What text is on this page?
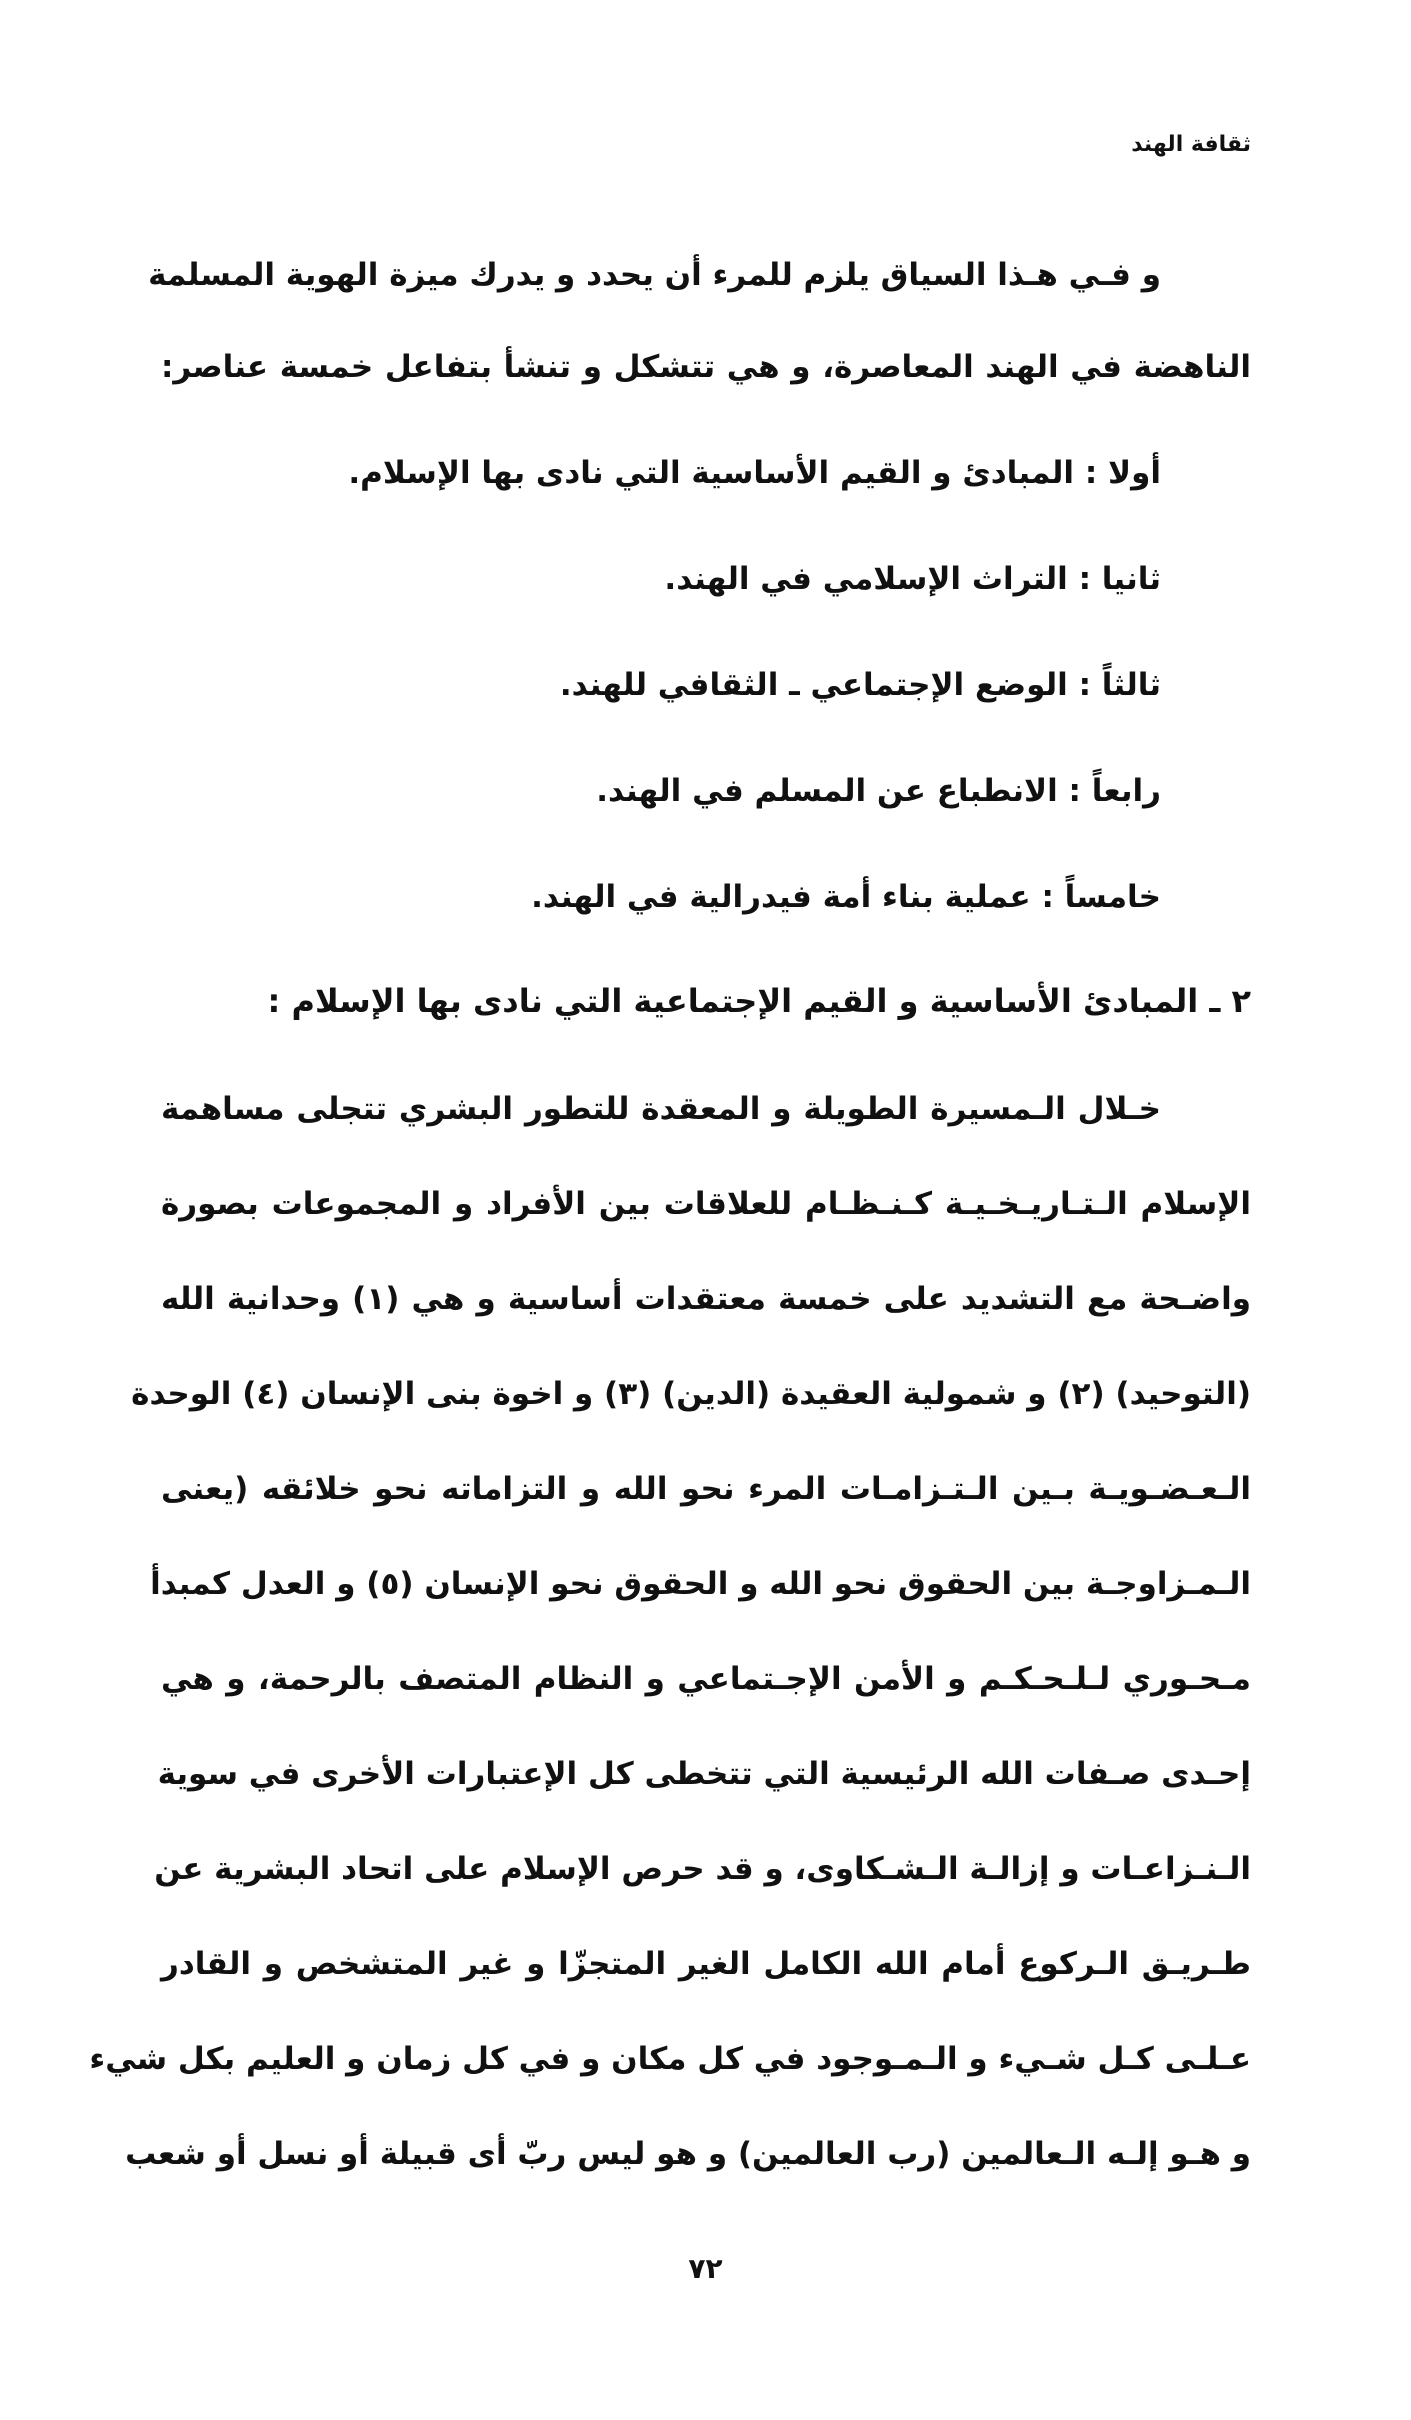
ثقافة الهند
و فـي هـذا السياق يلزم للمرء أن يحدد و يدرك ميزة الهوية المسلمة
الناهضة في الهند المعاصرة، و هي تتشكل و تنشأ بتفاعل خمسة عناصر:
أولا : المبادئ و القيم الأساسية التي نادى بها الإسلام.
ثانيا : التراث الإسلامي في الهند.
ثالثاً : الوضع الإجتماعي ـ الثقافي للهند.
رابعاً : الانطباع عن المسلم في الهند.
خامساً : عملية بناء أمة فيدرالية في الهند.
٢ ـ المبادئ الأساسية و القيم الإجتماعية التي نادى بها الإسلام :
خـلال الـمسيرة الطويلة و المعقدة للتطور البشري تتجلى مساهمة
الإسلام الـتـاريـخـيـة كـنـظـام للعلاقات بين الأفراد و المجموعات بصورة
واضـحة مع التشديد على خمسة معتقدات أساسية و هي (١) وحدانية الله
(التوحيد) (٢) و شمولية العقيدة (الدين) (٣) و اخوة بنى الإنسان (٤) الوحدة
الـعـضـويـة بـين الـتـزامـات المرء نحو الله و التزاماته نحو خلائقه (يعنى
الـمـزاوجـة بين الحقوق نحو الله و الحقوق نحو الإنسان (٥) و العدل كمبدأ
مـحـوري لـلـحـكـم و الأمن الإجـتماعي و النظام المتصف بالرحمة، و هي
إحـدى صـفات الله الرئيسية التي تتخطى كل الإعتبارات الأخرى في سوية
الـنـزاعـات و إزالـة الـشـكاوى، و قد حرص الإسلام على اتحاد البشرية عن
طـريـق الـركوع أمام الله الكامل الغير المتجزّا و غير المتشخص و القادر
عـلـى كـل شـيء و الـمـوجود في كل مكان و في كل زمان و العليم بكل شيء
و هـو إلـه الـعالمين (رب العالمين) و هو ليس ربّ أى قبيلة أو نسل أو شعب
٧٢
